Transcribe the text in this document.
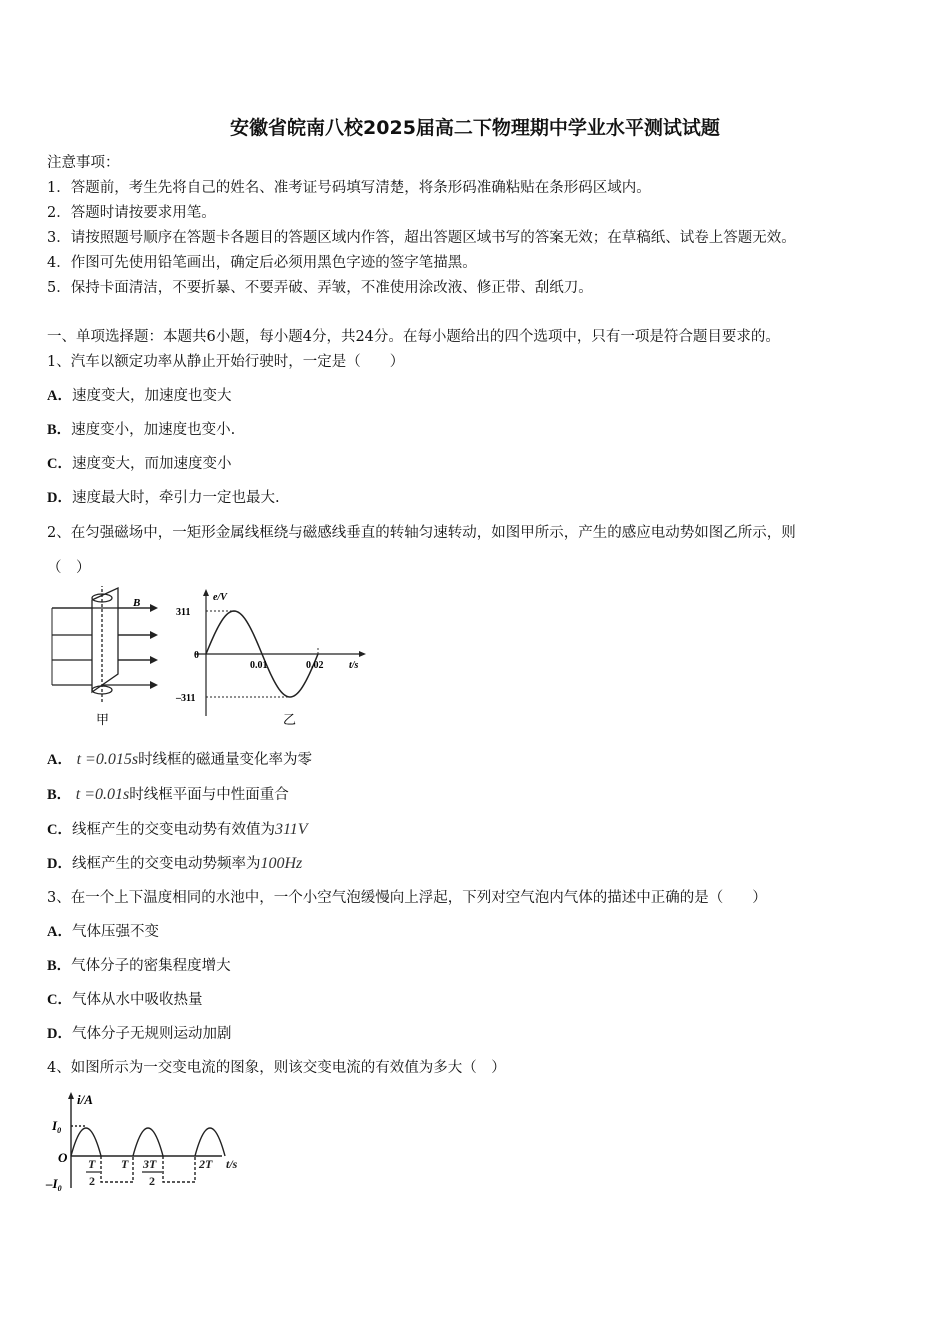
安徽省皖南八校2025届高二下物理期中学业水平测试试题
注意事项：
1．答题前，考生先将自己的姓名、准考证号码填写清楚，将条形码准确粘贴在条形码区域内。
2．答题时请按要求用笔。
3．请按照题号顺序在答题卡各题目的答题区域内作答，超出答题区域书写的答案无效；在草稿纸、试卷上答题无效。
4．作图可先使用铅笔画出，确定后必须用黑色字迹的签字笔描黑。
5．保持卡面清洁，不要折暴、不要弄破、弄皱，不准使用涂改液、修正带、刮纸刀。
一、单项选择题：本题共6小题，每小题4分，共24分。在每小题给出的四个选项中，只有一项是符合题目要求的。
1、汽车以额定功率从静止开始行驶时，一定是（　　）
A．速度变大，加速度也变大
B．速度变小，加速度也变小.
C．速度变大，而加速度变小
D．速度最大时，牵引力一定也最大.
2、在匀强磁场中，一矩形金属线框绕与磁感线垂直的转轴匀速转动，如图甲所示，产生的感应电动势如图乙所示，则
（　）
B
甲
e/V
t/s
311
0
–311
0.01	0.02
乙
A． t =0.015s时线框的磁通量变化率为零
B． t =0.01s时线框平面与中性面重合
C．线框产生的交变电动势有效值为311V
D．线框产生的交变电动势频率为100Hz
3、在一个上下温度相同的水池中，一个小空气泡缓慢向上浮起，下列对空气泡内气体的描述中正确的是（　　）
A．气体压强不变
B．气体分子的密集程度增大
C．气体从水中吸收热量
D．气体分子无规则运动加剧
4、如图所示为一交变电流的图象，则该交变电流的有效值为多大（　）
i/A
$I_0$
O
$-I_0$
T
2
T 3T
2
2T t/s
